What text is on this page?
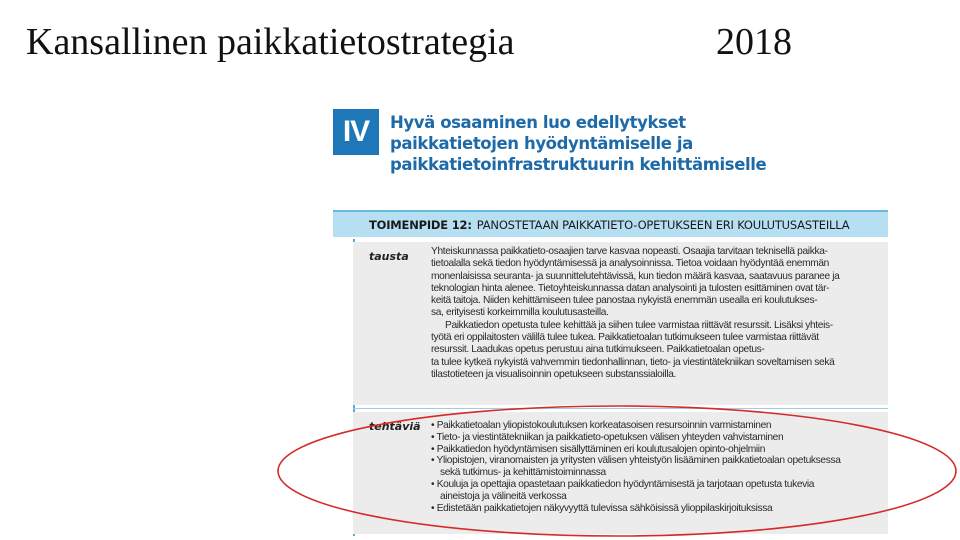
Kansallinen paikkatietostrategia	2018
IV	Hyvä osaaminen luo edellytykset
paikkatietojen hyödyntämiselle ja
paikkatietoinfrastruktuurin kehittämiselle
TOIMENPIDE 12: PANOSTETAAN PAIKKATIETO-OPETUKSEEN ERI KOULUTUSASTEILLA
tausta Yhteiskunnassa paikkatieto-osaajien tarve kasvaa nopeasti. Osaajia tarvitaan teknisellä paikka-
tietoalalla sekä tiedon hyödyntämisessä ja analysoinnissa. Tietoa voidaan hyödyntää enemmän
monenlaisissa seuranta- ja suunnittelutehtävissä, kun tiedon määrä kasvaa, saatavuus paranee ja
teknologian hinta alenee. Tietoyhteiskunnassa datan analysointi ja tulosten esittäminen ovat tär-
keitä taitoja. Niiden kehittämiseen tulee panostaa nykyistä enemmän usealla eri koulutukses-
sa, erityisesti korkeimmilla koulutusasteilla.
Paikkatiedon opetusta tulee kehittää ja siihen tulee varmistaa riittävät resurssit. Lisäksi yhteis-
työtä eri oppilaitosten välillä tulee tukea. Paikkatietoalan tutkimukseen tulee varmistaa riittävät
resurssit. Laadukas opetus perustuu aina tutkimukseen. Paikkatietoalan opetus-
ta tulee kytkeä nykyistä vahvemmin tiedonhallinnan, tieto- ja viestintätekniikan soveltamisen sekä
tilastotieteen ja visualisoinnin opetukseen substanssialoilla.
tehtäviä • Paikkatietoalan yliopistokoulutuksen korkeatasoisen resursoinnin varmistaminen
• Tieto- ja viestintätekniikan ja paikkatieto-opetuksen välisen yhteyden vahvistaminen
• Paikkatiedon hyödyntämisen sisällyttäminen eri koulutusalojen opinto-ohjelmiin
• Yliopistojen, viranomaisten ja yritysten välisen yhteistyön lisääminen paikkatietoalan opetuksessa
sekä tutkimus- ja kehittämistoiminnassa
• Kouluja ja opettajia opastetaan paikkatiedon hyödyntämisestä ja tarjotaan opetusta tukevia
aineistoja ja välineitä verkossa
• Edistetään paikkatietojen näkyvyyttä tulevissa sähköisissä ylioppilaskirjoituksissa
